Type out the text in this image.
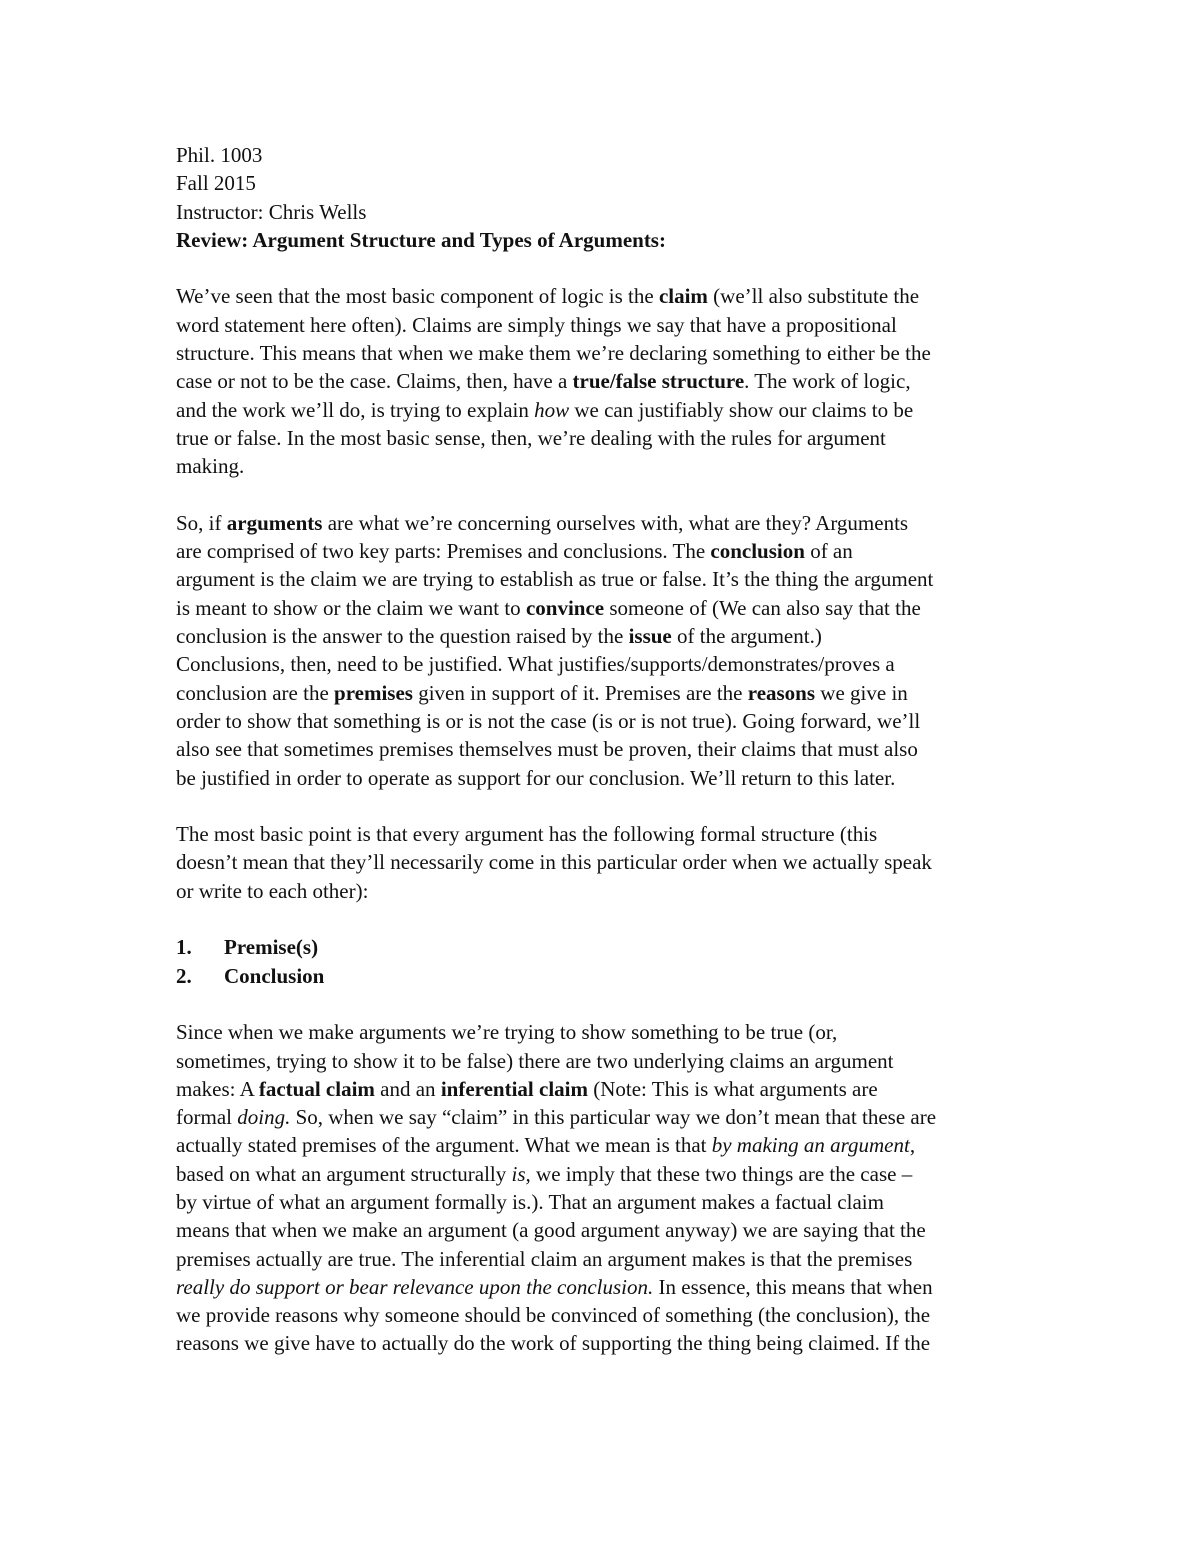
Phil. 1003
Fall 2015
Instructor: Chris Wells
Review: Argument Structure and Types of Arguments:
We’ve seen that the most basic component of logic is the claim (we’ll also substitute the
word statement here often). Claims are simply things we say that have a propositional
structure. This means that when we make them we’re declaring something to either be the
case or not to be the case. Claims, then, have a true/false structure. The work of logic,
and the work we’ll do, is trying to explain how we can justifiably show our claims to be
true or false. In the most basic sense, then, we’re dealing with the rules for argument
making.
So, if arguments are what we’re concerning ourselves with, what are they? Arguments
are comprised of two key parts: Premises and conclusions. The conclusion of an
argument is the claim we are trying to establish as true or false. It’s the thing the argument
is meant to show or the claim we want to convince someone of (We can also say that the
conclusion is the answer to the question raised by the issue of the argument.)
Conclusions, then, need to be justified. What justifies/supports/demonstrates/proves a
conclusion are the premises given in support of it. Premises are the reasons we give in
order to show that something is or is not the case (is or is not true). Going forward, we’ll
also see that sometimes premises themselves must be proven, their claims that must also
be justified in order to operate as support for our conclusion. We’ll return to this later.
The most basic point is that every argument has the following formal structure (this
doesn’t mean that they’ll necessarily come in this particular order when we actually speak
or write to each other):
1. Premise(s)
2. Conclusion
Since when we make arguments we’re trying to show something to be true (or,
sometimes, trying to show it to be false) there are two underlying claims an argument
makes: A factual claim and an inferential claim (Note: This is what arguments are
formal doing. So, when we say “claim” in this particular way we don’t mean that these are
actually stated premises of the argument. What we mean is that by making an argument,
based on what an argument structurally is, we imply that these two things are the case –
by virtue of what an argument formally is.). That an argument makes a factual claim
means that when we make an argument (a good argument anyway) we are saying that the
premises actually are true. The inferential claim an argument makes is that the premises
really do support or bear relevance upon the conclusion. In essence, this means that when
we provide reasons why someone should be convinced of something (the conclusion), the
reasons we give have to actually do the work of supporting the thing being claimed. If the
